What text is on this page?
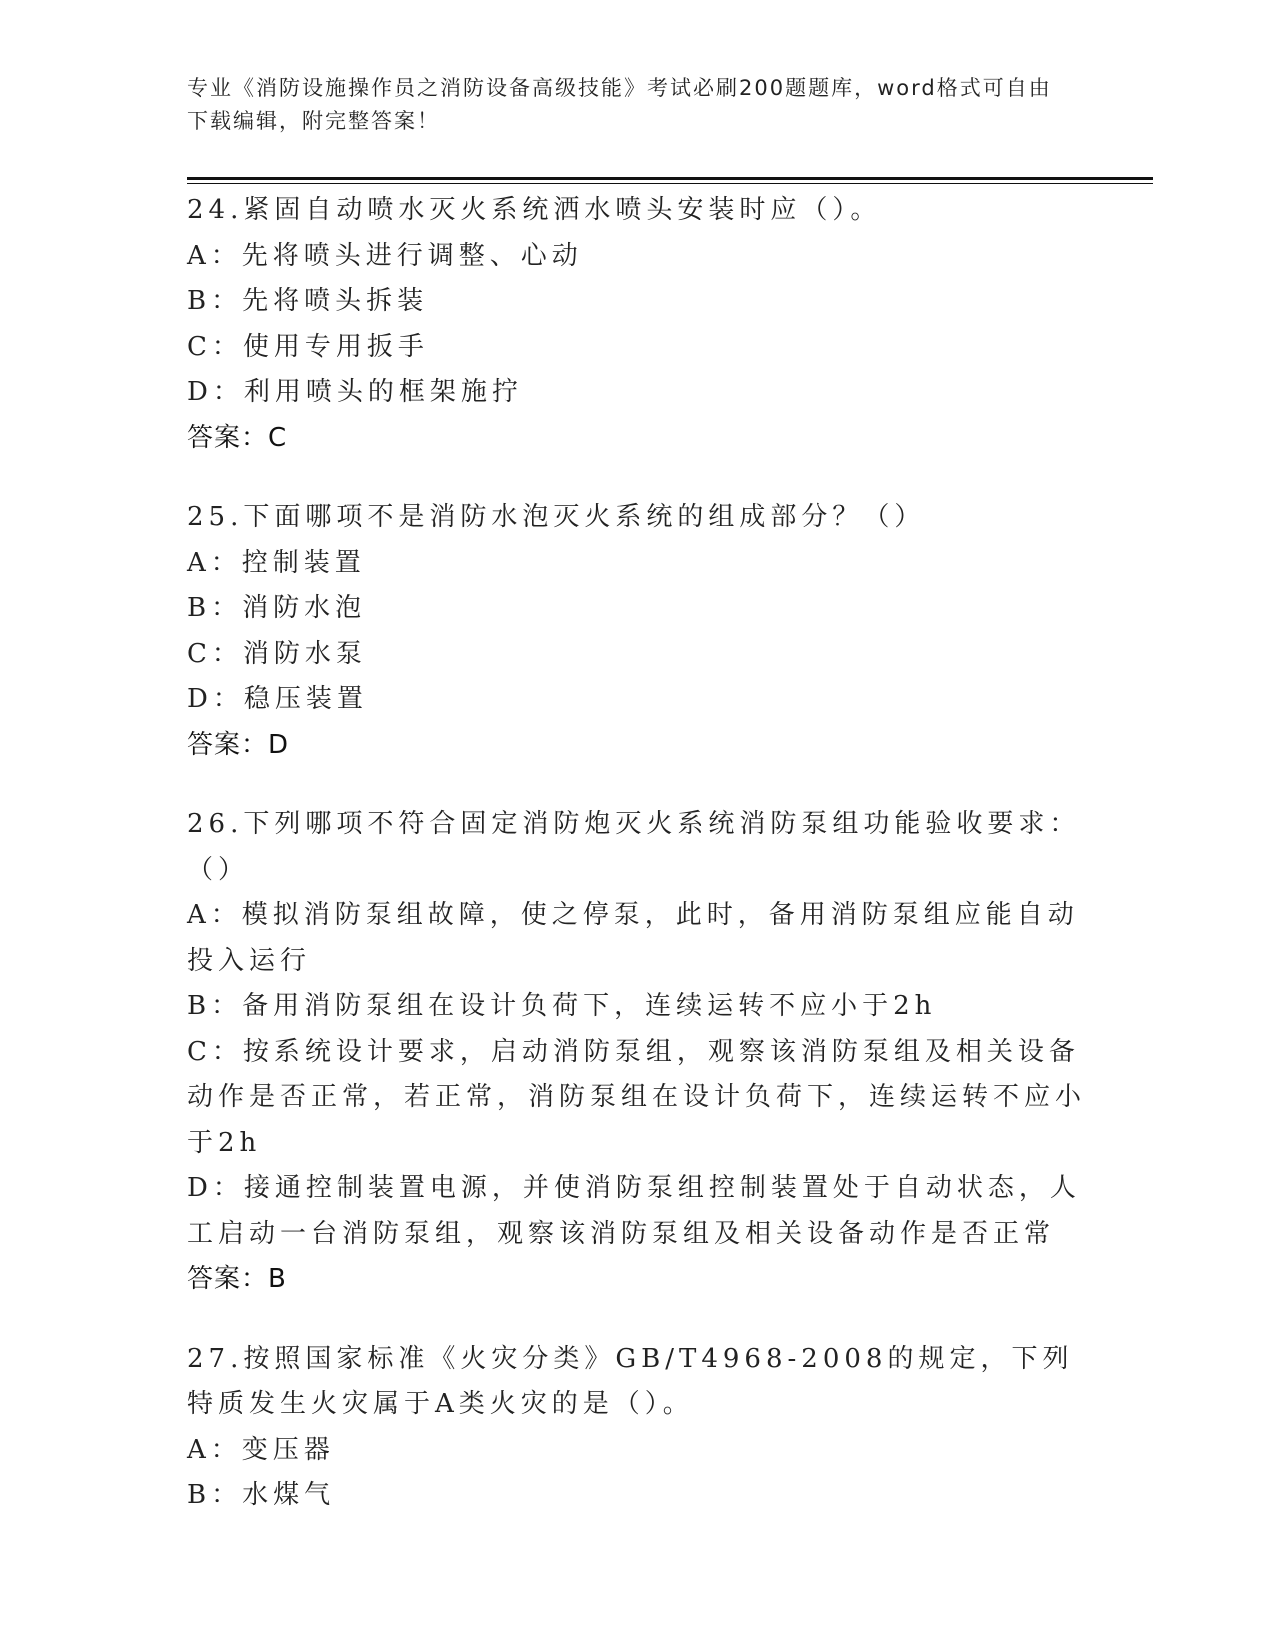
专业《消防设施操作员之消防设备高级技能》考试必刷200题题库，word格式可自由下载编辑，附完整答案！
24.紧固自动喷水灭火系统洒水喷头安装时应（）。
A：先将喷头进行调整、心动
B：先将喷头拆装
C：使用专用扳手
D：利用喷头的框架施拧
答案：C
25.下面哪项不是消防水泡灭火系统的组成部分？（）
A：控制装置
B：消防水泡
C：消防水泵
D：稳压装置
答案：D
26.下列哪项不符合固定消防炮灭火系统消防泵组功能验收要求：（）
A：模拟消防泵组故障，使之停泵，此时，备用消防泵组应能自动投入运行
B：备用消防泵组在设计负荷下，连续运转不应小于2h
C：按系统设计要求，启动消防泵组，观察该消防泵组及相关设备动作是否正常，若正常，消防泵组在设计负荷下，连续运转不应小于2h
D：接通控制装置电源，并使消防泵组控制装置处于自动状态，人工启动一台消防泵组，观察该消防泵组及相关设备动作是否正常
答案：B
27.按照国家标准《火灾分类》GB/T4968-2008的规定，下列特质发生火灾属于A类火灾的是（）。
A：变压器
B：水煤气
